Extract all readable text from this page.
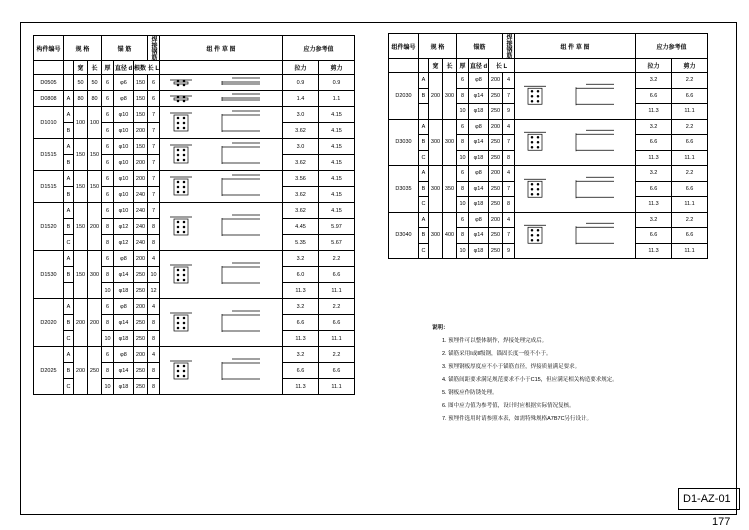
构件编号	规 格			锚 筋			焊接钢筋	组 件 草 图	应力参考值	
		宽	长	厚	直径 d	根数 长 L			拉力	剪力
D0505		50	50	6	φ6	150	6		0.9	0.9
D0808	A	80	80	6	φ8	150	6		1.4	1.1
D1010	A	100	100	6	φ10	150	7		3.0	4.15
	B			6	φ10	200	7		3.62	4.15
D1515	A	150	150	6	φ10	150	7		3.0	4.15
	B			6	φ10	200	7		3.62	4.15
D1515	A	150	150	6	φ10	200	7		3.56	4.15
	B			6	φ10	240	7		3.62	4.15
D1520	A	150	200	6	φ10	240	7		3.62	4.15
	B			8	φ12	240	8		4.45	5.97
	C			8	φ12	240	8		5.35	5.67
D1530	A	150	300	6	φ8	200	4		3.2	2.2
	B			8	φ14	250	10		6.0	6.6
				10	φ18	250	12		11.3	11.1
D2020	A	200	200	6	φ8	200	4		3.2	2.2
	B			8	φ14	250	8		6.6	6.6
	C			10	φ18	250	8		11.3	11.1
D2025	A	200	250	6	φ8	200	4		3.2	2.2
	B			8	φ14	250	8		6.6	6.6
	C			10	φ18	250	8		11.3	11.1
组件编号	规 格			锚筋			焊接钢筋	组 件 草 图	应力参考值	
		宽	长	厚	直径 d	长 L			拉力	剪力
D2030	A	200	300	6	φ8	200	4		3.2	2.2
	B			8	φ14	250	7		6.6	6.6
				10	φ18	250	9		11.3	11.1
D3030	A	300	300	6	φ8	200	4		3.2	2.2
	B			8	φ14	250	7		6.6	6.6
	C			10	φ18	250	8		11.3	11.1
D3035	A	300	350	6	φ8	200	4		3.2	2.2
	B			8	φ14	250	7		6.6	6.6
	C			10	φ18	250	8		11.3	11.1
D3040	A	300	400	6	φ8	200	4		3.2	2.2
	B			8	φ14	250	7		6.6	6.6
	C			10	φ18	250	9		11.3	11.1
说明：
1. 预埋件可以整体制作，焊接处理完成后。
2. 锚筋采用Ⅰ或Ⅱ级钢，锚固长度一般不小于。
3. 预埋钢板厚度应不小于锚筋直径，焊接质量满足要求。
4. 锚筋间距要求满足规范要求不小于C15，但应满足相关构造要求规定。
5. 钢板应作防锈处理。
6. 图中应力值为参考值，设计时应根据实际情况复核。
7. 预埋件选用时请参照本表，如需特殊规格A7B7C另行设计。
D1-AZ-01
177
